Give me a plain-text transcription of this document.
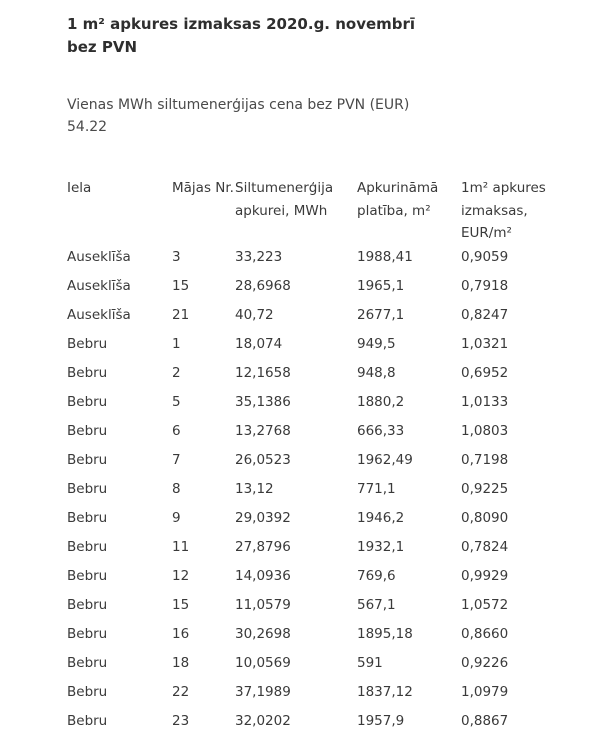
1 m² apkures izmaksas 2020.g. novembrī bez PVN
Vienas MWh siltumenerģijas cena bez PVN (EUR)
54.22
Iela	Mājas Nr.	Siltumenerģija apkurei, MWh	Apkurināmā platība, m²	1m² apkures izmaksas, EUR/m²
Auseklīša	3	33,223	1988,41	0,9059
Auseklīša	15	28,6968	1965,1	0,7918
Auseklīša	21	40,72	2677,1	0,8247
Bebru	1	18,074	949,5	1,0321
Bebru	2	12,1658	948,8	0,6952
Bebru	5	35,1386	1880,2	1,0133
Bebru	6	13,2768	666,33	1,0803
Bebru	7	26,0523	1962,49	0,7198
Bebru	8	13,12	771,1	0,9225
Bebru	9	29,0392	1946,2	0,8090
Bebru	11	27,8796	1932,1	0,7824
Bebru	12	14,0936	769,6	0,9929
Bebru	15	11,0579	567,1	1,0572
Bebru	16	30,2698	1895,18	0,8660
Bebru	18	10,0569	591	0,9226
Bebru	22	37,1989	1837,12	1,0979
Bebru	23	32,0202	1957,9	0,8867
